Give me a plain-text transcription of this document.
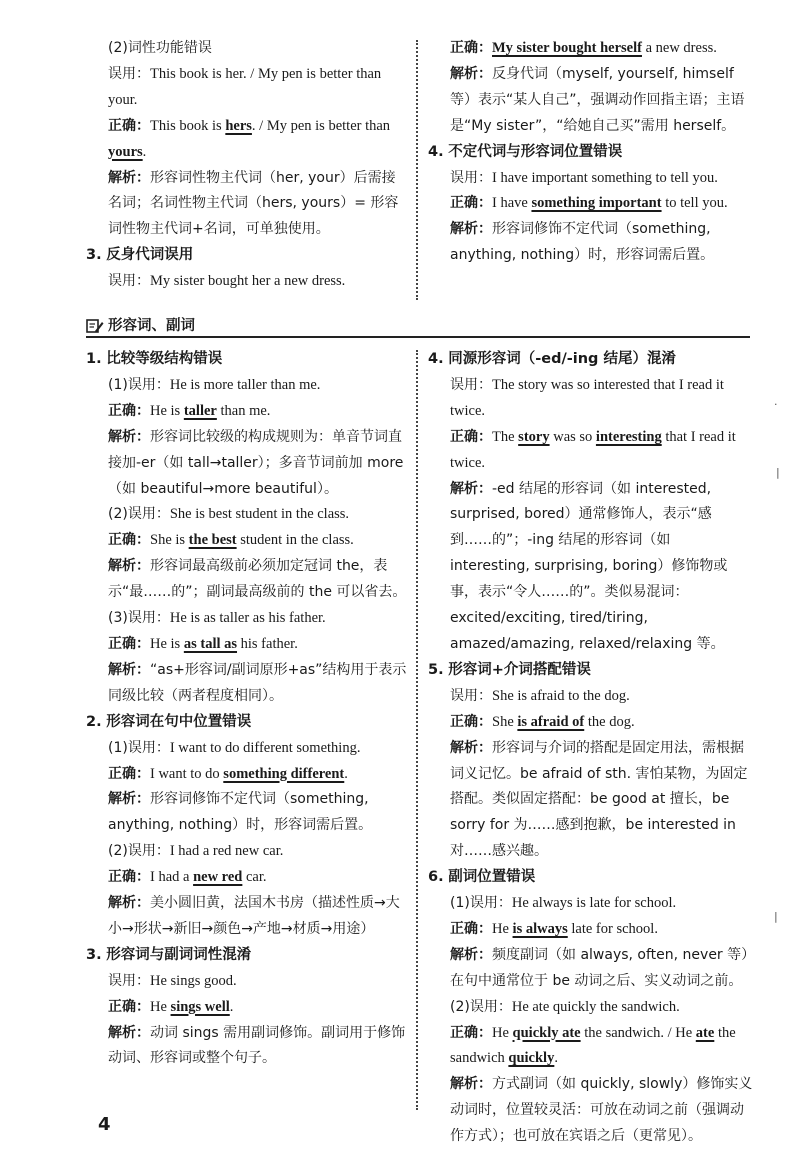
(2)词性功能错误

误用：This book is her. / My pen is better than your.

正确：This book is hers. / My pen is better than yours.

解析：形容词性物主代词（her, your）后需接名词；名词性物主代词（hers, yours）= 形容词性物主代词+名词，可单独使用。

3. 反身代词误用

误用：My sister bought her a new dress.

正确：My sister bought herself a new dress.

解析：反身代词（myself, yourself, himself 等）表示“某人自己”，强调动作回指主语；主语是“My sister”，“给她自己买”需用 herself。

4. 不定代词与形容词位置错误

误用：I have important something to tell you.

正确：I have something important to tell you.

解析：形容词修饰不定代词（something, anything, nothing）时，形容词需后置。

形容词、副词

1. 比较等级结构错误

(1)误用：He is more taller than me.

正确：He is taller than me.

解析：形容词比较级的构成规则为：单音节词直接加-er（如 tall→taller）；多音节词前加 more（如 beautiful→more beautiful）。

(2)误用：She is best student in the class.

正确：She is the best student in the class.

解析：形容词最高级前必须加定冠词 the，表示“最……的”；副词最高级前的 the 可以省去。

(3)误用：He is as taller as his father.

正确：He is as tall as his father.

解析：“as+形容词/副词原形+as”结构用于表示同级比较（两者程度相同）。

2. 形容词在句中位置错误

(1)误用：I want to do different something.

正确：I want to do something different.

解析：形容词修饰不定代词（something, anything, nothing）时，形容词需后置。

(2)误用：I had a red new car.

正确：I had a new red car.

解析：美小圆旧黄，法国木书房（描述性质→大小→形状→新旧→颜色→产地→材质→用途）

3. 形容词与副词词性混淆

误用：He sings good.

正确：He sings well.

解析：动词 sings 需用副词修饰。副词用于修饰动词、形容词或整个句子。

4. 同源形容词（-ed/-ing 结尾）混淆

误用：The story was so interested that I read it twice.

正确：The story was so interesting that I read it twice.

解析：-ed 结尾的形容词（如 interested, surprised, bored）通常修饰人，表示“感到……的”；-ing 结尾的形容词（如 interesting, surprising, boring）修饰物或事，表示“令人……的”。类似易混词：excited/exciting, tired/tiring, amazed/amazing, relaxed/relaxing 等。

5. 形容词+介词搭配错误

误用：She is afraid to the dog.

正确：She is afraid of the dog.

解析：形容词与介词的搭配是固定用法，需根据词义记忆。be afraid of sth. 害怕某物，为固定搭配。类似固定搭配：be good at 擅长，be sorry for 为……感到抱歉，be interested in 对……感兴趣。

6. 副词位置错误

(1)误用：He always is late for school.

正确：He is always late for school.

解析：频度副词（如 always, often, never 等）在句中通常位于 be 动词之后、实义动词之前。

(2)误用：He ate quickly the sandwich.

正确：He quickly ate the sandwich. / He ate the sandwich quickly.

解析：方式副词（如 quickly, slowly）修饰实义动词时，位置较灵活：可放在动词之前（强调动作方式）；也可放在宾语之后（更常见）。

4
·
|
|
